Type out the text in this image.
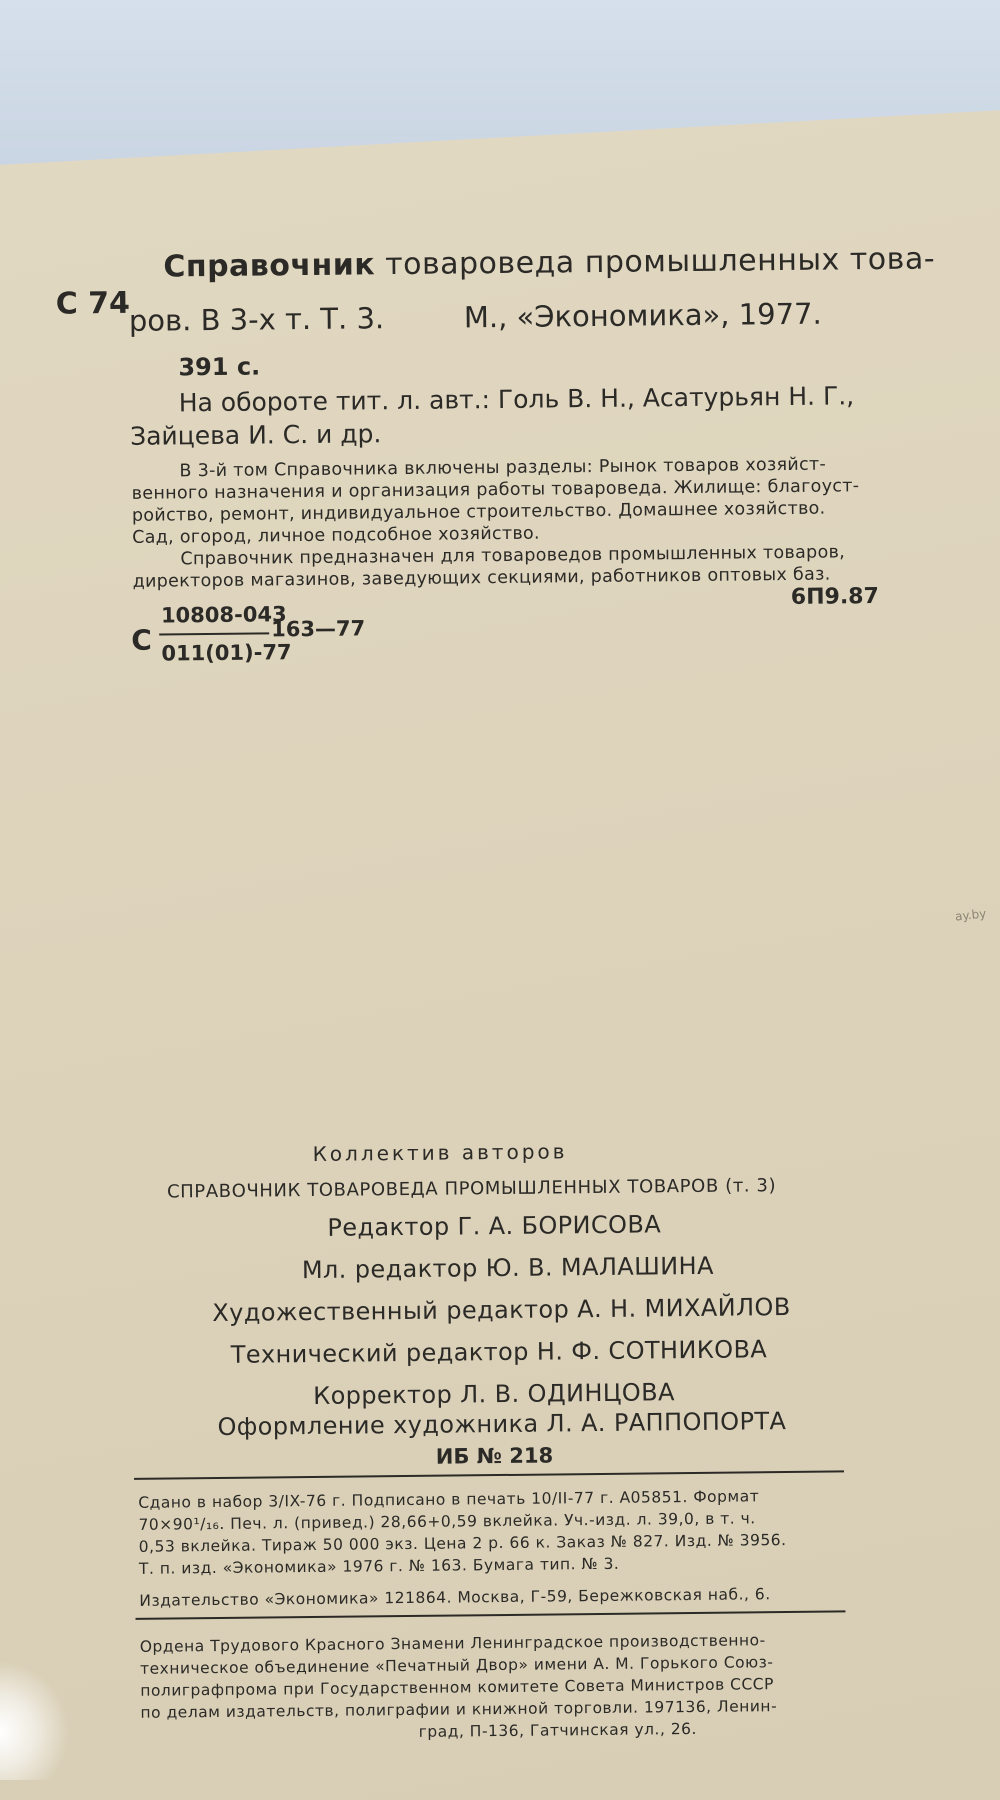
С 74
Справочник товароведа промышленных това-
ров. В 3-х т. Т. 3.	М., «Экономика», 1977.
391 с.
На обороте тит. л. авт.: Голь В. Н., Асатурьян Н. Г.,
Зайцева И. С. и др.
В 3-й том Справочника включены разделы: Рынок товаров хозяйст-
венного назначения и организация работы товароведа. Жилище: благоуст-
ройство, ремонт, индивидуальное строительство. Домашнее хозяйство.
Сад, огород, личное подсобное хозяйство.
Справочник предназначен для товароведов промышленных товаров,
директоров магазинов, заведующих секциями, работников оптовых баз.
6П9.87
С
10808-043
011(01)-77
163—77
Коллектив авторов
СПРАВОЧНИК ТОВАРОВЕДА ПРОМЫШЛЕННЫХ ТОВАРОВ (т. 3)
Редактор Г. А. БОРИСОВА
Мл. редактор Ю. В. МАЛАШИНА
Художественный редактор А. Н. МИХАЙЛОВ
Технический редактор Н. Ф. СОТНИКОВА
Корректор Л. В. ОДИНЦОВА
Оформление художника Л. А. РАППОПОРТА
ИБ № 218
Сдано в набор 3/IX-76 г. Подписано в печать 10/II-77 г. А05851. Формат
70×90¹/₁₆. Печ. л. (привед.) 28,66+0,59 вклейка. Уч.-изд. л. 39,0, в т. ч.
0,53 вклейка. Тираж 50 000 экз. Цена 2 р. 66 к. Заказ № 827. Изд. № 3956.
Т. п. изд. «Экономика» 1976 г. № 163. Бумага тип. № 3.
Издательство «Экономика» 121864. Москва, Г-59, Бережковская наб., 6.
Ордена Трудового Красного Знамени Ленинградское производственно-
техническое объединение «Печатный Двор» имени А. М. Горького Союз-
полиграфпрома при Государственном комитете Совета Министров СССР
по делам издательств, полиграфии и книжной торговли. 197136, Ленин-
град, П-136, Гатчинская ул., 26.
ay.by
